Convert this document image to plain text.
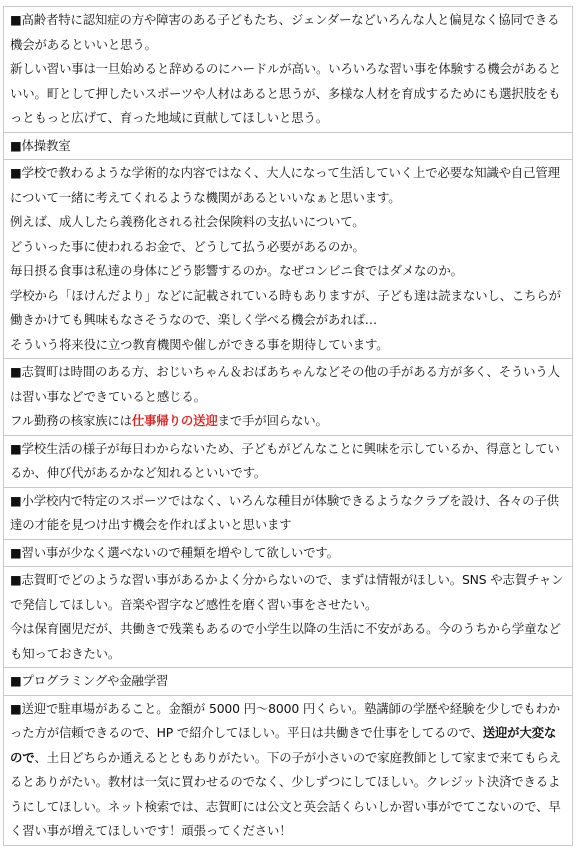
■高齢者特に認知症の方や障害のある子どもたち、ジェンダーなどいろんな人と偏見なく協同できる機会があるといいと思う。

新しい習い事は一旦始めると辞めるのにハードルが高い。いろいろな習い事を体験する機会があるといい。町として押したいスポーツや人材はあると思うが、多様な人材を育成するためにも選択肢をもっともっと広げて、育った地域に貢献してほしいと思う。

■体操教室

■学校で教わるような学術的な内容ではなく、大人になって生活していく上で必要な知識や自己管理について一緒に考えてくれるような機関があるといいなぁと思います。

例えば、成人したら義務化される社会保険料の支払いについて。

どういった事に使われるお金で、どうして払う必要があるのか。

毎日摂る食事は私達の身体にどう影響するのか。なぜコンビニ食ではダメなのか。

学校から「ほけんだより」などに記載されている時もありますが、子ども達は読まないし、こちらが働きかけても興味もなさそうなので、楽しく学べる機会があれば…

そういう将来役に立つ教育機関や催しができる事を期待しています。

■志賀町は時間のある方、おじいちゃん＆おばあちゃんなどその他の手がある方が多く、そういう人は習い事などできていると感じる。

フル勤務の核家族には仕事帰りの送迎まで手が回らない。

■学校生活の様子が毎日わからないため、子どもがどんなことに興味を示しているか、得意としているか、伸び代があるかなど知れるといいです。

■小学校内で特定のスポーツではなく、いろんな種目が体験できるようなクラブを設け、各々の子供達の才能を見つけ出す機会を作ればよいと思います

■習い事が少なく選べないので種類を増やして欲しいです。

■志賀町でどのような習い事があるかよく分からないので、まずは情報がほしい。SNS や志賀チャンで発信してほしい。音楽や習字など感性を磨く習い事をさせたい。

今は保育園児だが、共働きで残業もあるので小学生以降の生活に不安がある。今のうちから学童なども知っておきたい。

■プログラミングや金融学習

■送迎で駐車場があること。金額が 5000 円～8000 円くらい。塾講師の学歴や経験を少しでもわかった方が信頼できるので、HP で紹介してほしい。平日は共働きで仕事をしてるので、送迎が大変なので、土日どちらか通えるとともありがたい。下の子が小さいので家庭教師として家まで来てもらえるとありがたい。教材は一気に買わせるのでなく、少しずつにしてほしい。クレジット決済できるようにしてほしい。ネット検索では、志賀町には公文と英会話くらいしか習い事がでてこないので、早く習い事が増えてほしいです！頑張ってください！
